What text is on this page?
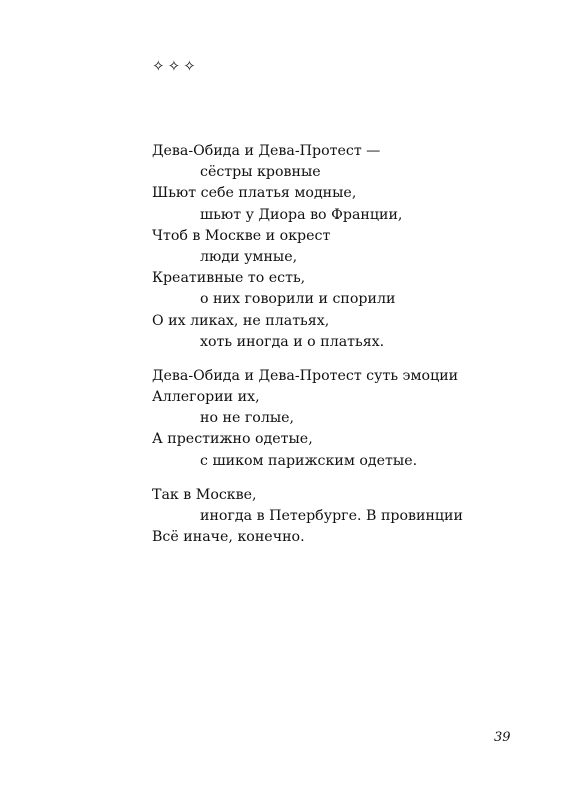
✧✧✧
Дева-Обида и Дева-Протест —
сёстры кровные
Шьют себе платья модные,
шьют у Диора во Франции,
Чтоб в Москве и окрест
люди умные,
Креативные то есть,
о них говорили и спорили
О их ликах, не платьях,
хоть иногда и о платьях.
Дева-Обида и Дева-Протест суть эмоции
Аллегории их,
но не голые,
А престижно одетые,
с шиком парижским одетые.
Так в Москве,
иногда в Петербурге. В провинции
Всё иначе, конечно.
39
